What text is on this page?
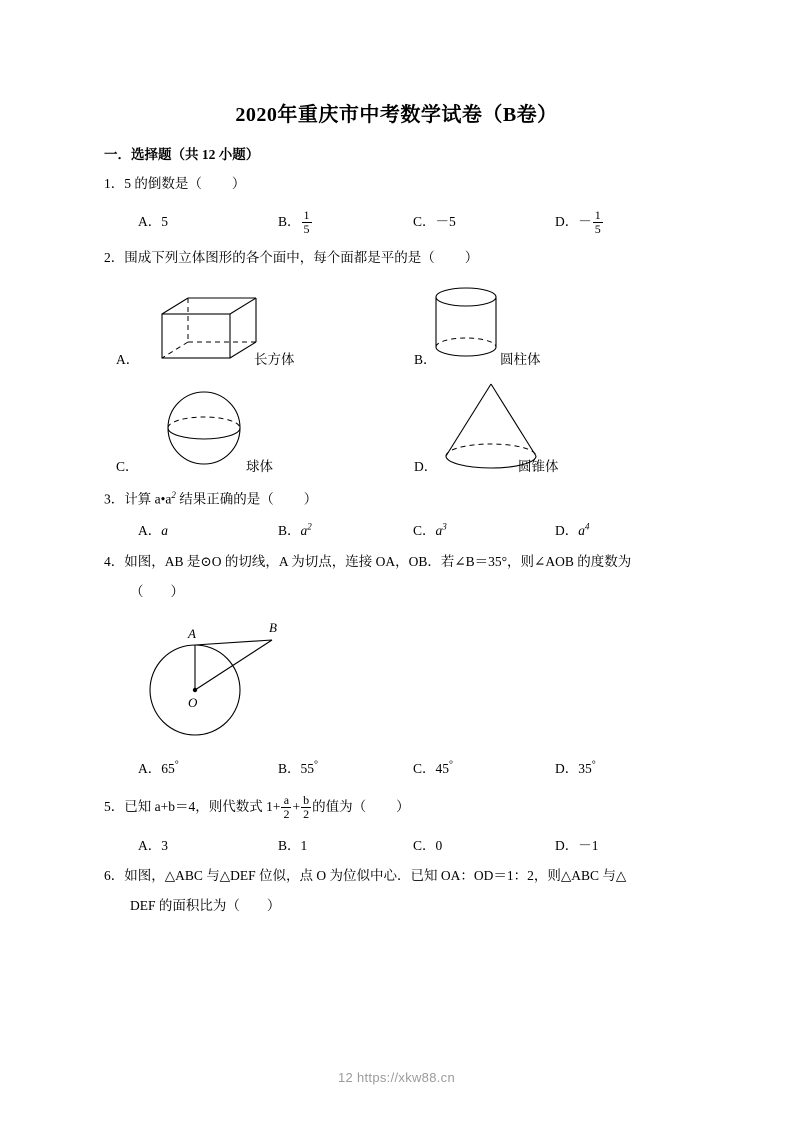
2020年重庆市中考数学试卷（B卷）
一．选择题（共 12 小题）
1．5 的倒数是（ ）
A．5	B． $\frac{1}{5}$	C．－5	D．－ $\frac{1}{5}$
2．围成下列立体图形的各个面中，每个面都是平的是（ ）
A．	长方体	B．	圆柱体
C．	球体	D．	圆锥体
3．计算 $a•a^2$ 结果正确的是（ ）
A．a	B．$a^2$	C．$a^3$	D．$a^4$
4．如图，AB 是⊙O 的切线，A 为切点，连接 OA，OB．若∠B＝35°，则∠AOB 的度数为
（　　）
A	B
O
A．65°	B．55°	C．45°	D．35°
5．已知 a+b＝4，则代数式 $1+ \frac{a}{2} + \frac{b}{2}$ 的值为（ ）
A．3	B．1	C．0	D．－1
6．如图，△ABC 与△DEF 位似，点 O 为位似中心．已知 OA：OD＝1：2，则△ABC 与△
DEF 的面积比为（　　）
12 https://xkw88.cn
